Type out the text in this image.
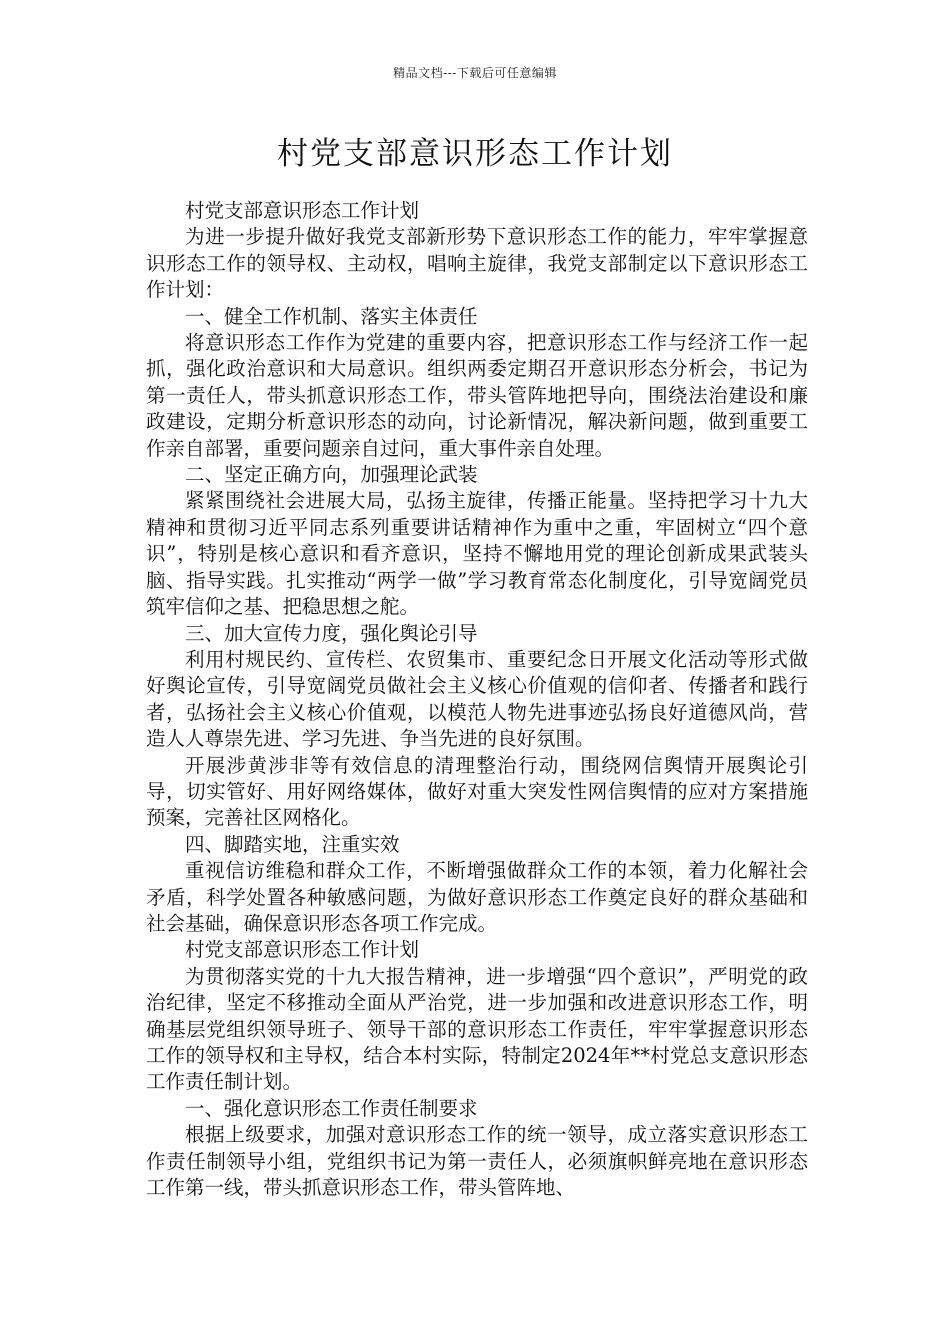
精品文档---下载后可任意编辑
村党支部意识形态工作计划

村党支部意识形态工作计划

为进一步提升做好我党支部新形势下意识形态工作的能力，牢牢掌握意识形态工作的领导权、主动权，唱响主旋律，我党支部制定以下意识形态工作计划：

一、健全工作机制、落实主体责任

将意识形态工作作为党建的重要内容，把意识形态工作与经济工作一起抓，强化政治意识和大局意识。组织两委定期召开意识形态分析会，书记为第一责任人，带头抓意识形态工作，带头管阵地把导向，围绕法治建设和廉政建设，定期分析意识形态的动向，讨论新情况，解决新问题，做到重要工作亲自部署，重要问题亲自过问，重大事件亲自处理。

二、坚定正确方向，加强理论武装

紧紧围绕社会进展大局，弘扬主旋律，传播正能量。坚持把学习十九大精神和贯彻习近平同志系列重要讲话精神作为重中之重，牢固树立“四个意识”，特别是核心意识和看齐意识，坚持不懈地用党的理论创新成果武装头脑、指导实践。扎实推动“两学一做”学习教育常态化制度化，引导宽阔党员筑牢信仰之基、把稳思想之舵。

三、加大宣传力度，强化舆论引导

利用村规民约、宣传栏、农贸集市、重要纪念日开展文化活动等形式做好舆论宣传，引导宽阔党员做社会主义核心价值观的信仰者、传播者和践行者，弘扬社会主义核心价值观，以模范人物先进事迹弘扬良好道德风尚，营造人人尊崇先进、学习先进、争当先进的良好氛围。

开展涉黄涉非等有效信息的清理整治行动，围绕网信舆情开展舆论引导，切实管好、用好网络媒体，做好对重大突发性网信舆情的应对方案措施预案，完善社区网格化。

四、脚踏实地，注重实效

重视信访维稳和群众工作，不断增强做群众工作的本领，着力化解社会矛盾，科学处置各种敏感问题，为做好意识形态工作奠定良好的群众基础和社会基础，确保意识形态各项工作完成。

村党支部意识形态工作计划

为贯彻落实党的十九大报告精神，进一步增强“四个意识”，严明党的政治纪律，坚定不移推动全面从严治党，进一步加强和改进意识形态工作，明确基层党组织领导班子、领导干部的意识形态工作责任，牢牢掌握意识形态工作的领导权和主导权，结合本村实际，特制定2024年**村党总支意识形态工作责任制计划。

一、强化意识形态工作责任制要求

根据上级要求，加强对意识形态工作的统一领导，成立落实意识形态工作责任制领导小组，党组织书记为第一责任人，必须旗帜鲜亮地在意识形态工作第一线，带头抓意识形态工作，带头管阵地、
